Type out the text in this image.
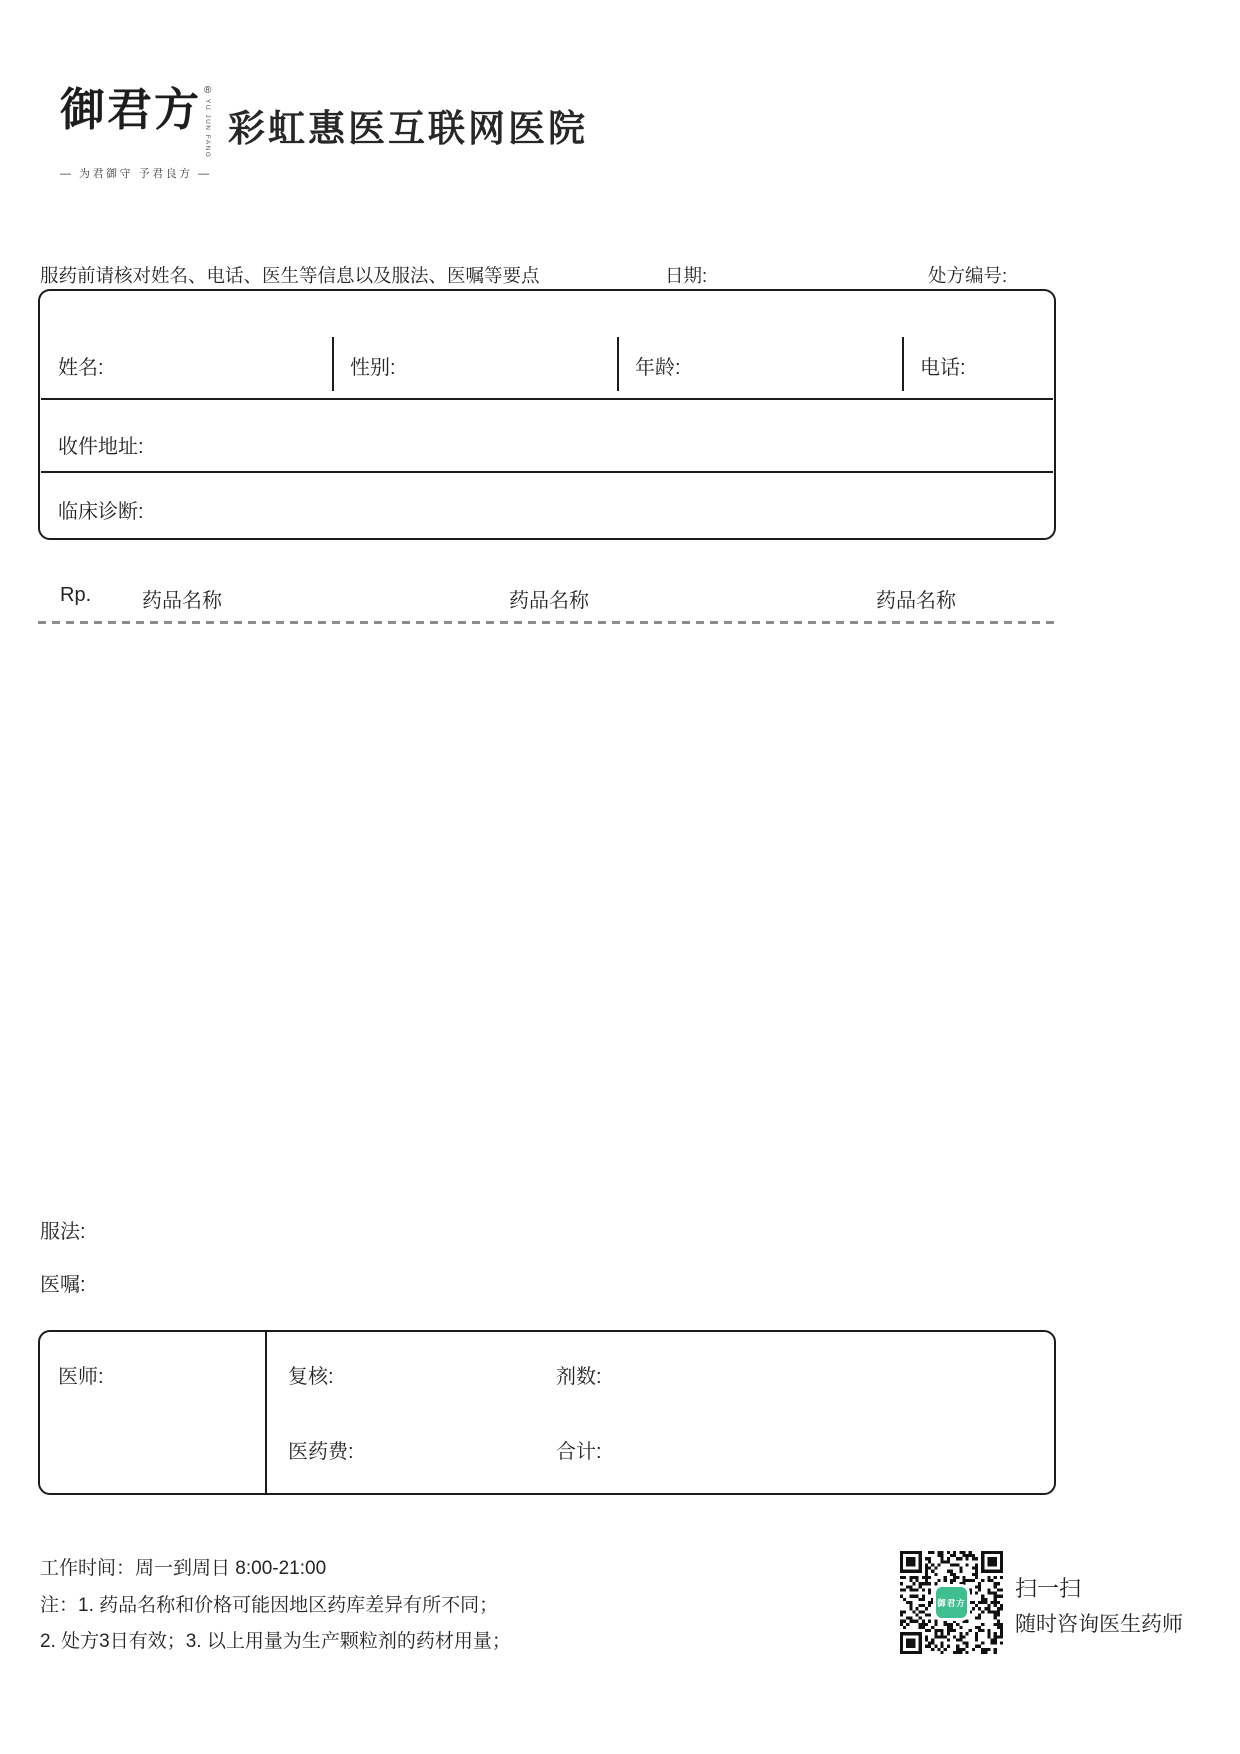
御君方 ®
YU JUN FANG
— 为君御守 予君良方 —
彩虹惠医互联网医院
服药前请核对姓名、电话、医生等信息以及服法、医嘱等要点	日期:	处方编号:
姓名:	性别:	年龄:	电话:
收件地址:
临床诊断:
Rp.	药品名称	药品名称	药品名称
服法:
医嘱:
医师:	复核:	剂数:
医药费:	合计:
工作时间：周一到周日 8:00-21:00
注：1. 药品名称和价格可能因地区药库差异有所不同；
2. 处方3日有效；3. 以上用量为生产颗粒剂的药材用量；
御君方
扫一扫
随时咨询医生药师
